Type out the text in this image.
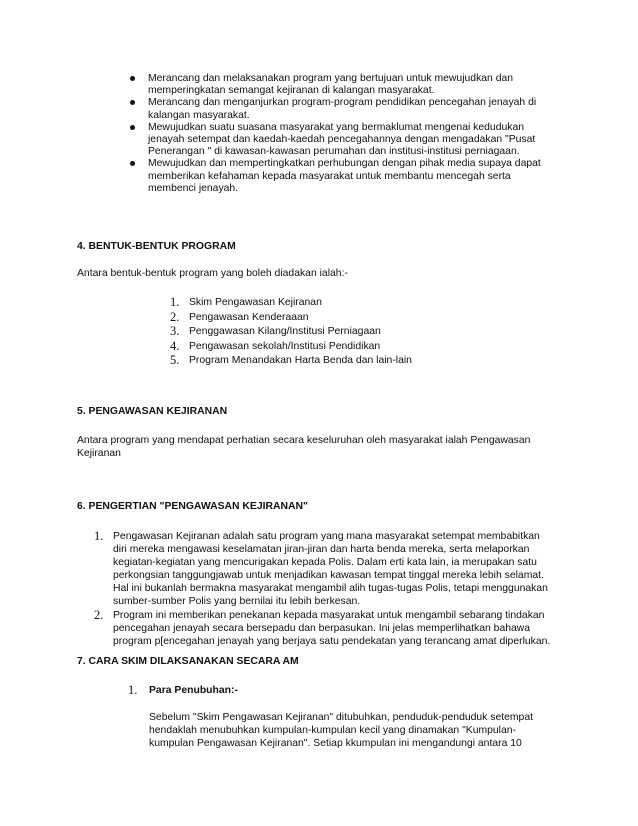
Merancang dan melaksanakan program yang bertujuan untuk mewujudkan dan memperingkatan semangat kejiranan di kalangan masyarakat.
Merancang dan menganjurkan program-program pendidikan pencegahan jenayah di kalangan masyarakat.
Mewujudkan suatu suasana masyarakat yang bermaklumat mengenai kedudukan jenayah setempat dan kaedah-kaedah pencegahannya dengan mengadakan "Pusat Penerangan " di kawasan-kawasan perumahan dan institusi-institusi perniagaan.
Mewujudkan dan mempertingkatkan perhubungan dengan pihak media supaya dapat memberikan kefahaman kepada masyarakat untuk membantu mencegah serta membenci jenayah.
4. BENTUK-BENTUK PROGRAM
Antara bentuk-bentuk program yang boleh diadakan ialah:-
1. Skim Pengawasan Kejiranan
2. Pengawasan Kenderaaan
3. Penggawasan Kilang/Institusi Perniagaan
4. Pengawasan sekolah/Institusi Pendidikan
5. Program Menandakan Harta Benda dan lain-lain
5. PENGAWASAN KEJIRANAN
Antara program yang mendapat perhatian secara keseluruhan oleh masyarakat ialah Pengawasan Kejiranan
6. PENGERTIAN "PENGAWASAN KEJIRANAN"
1. Pengawasan Kejiranan adalah satu program yang mana masyarakat setempat membabitkan diri mereka mengawasi keselamatan jiran-jiran dan harta benda mereka, serta melaporkan kegiatan-kegiatan yang mencurigakan kepada Polis. Dalam erti kata lain, ia merupakan satu perkongsian tanggungjawab untuk menjadikan kawasan tempat tinggal mereka lebih selamat. Hal ini bukanlah bermakna masyarakat mengambil alih tugas-tugas Polis, tetapi menggunakan sumber-sumber Polis yang bernilai itu lebih berkesan.
2. Program ini memberikan penekanan kepada masyarakat untuk mengambil sebarang tindakan pencegahan jenayah secara bersepadu dan berpasukan. Ini jelas memperlihatkan bahawa program p[encegahan jenayah yang berjaya satu pendekatan yang terancang amat diperlukan.
7. CARA SKIM DILAKSANAKAN SECARA AM
1. Para Penubuhan:-
Sebelum "Skim Pengawasan Kejiranan" ditubuhkan, penduduk-penduduk setempat hendaklah menubuhkan kumpulan-kumpulan kecil yang dinamakan "Kumpulan-kumpulan Pengawasan Kejiranan". Setiap kkumpulan ini mengandungi antara 10
